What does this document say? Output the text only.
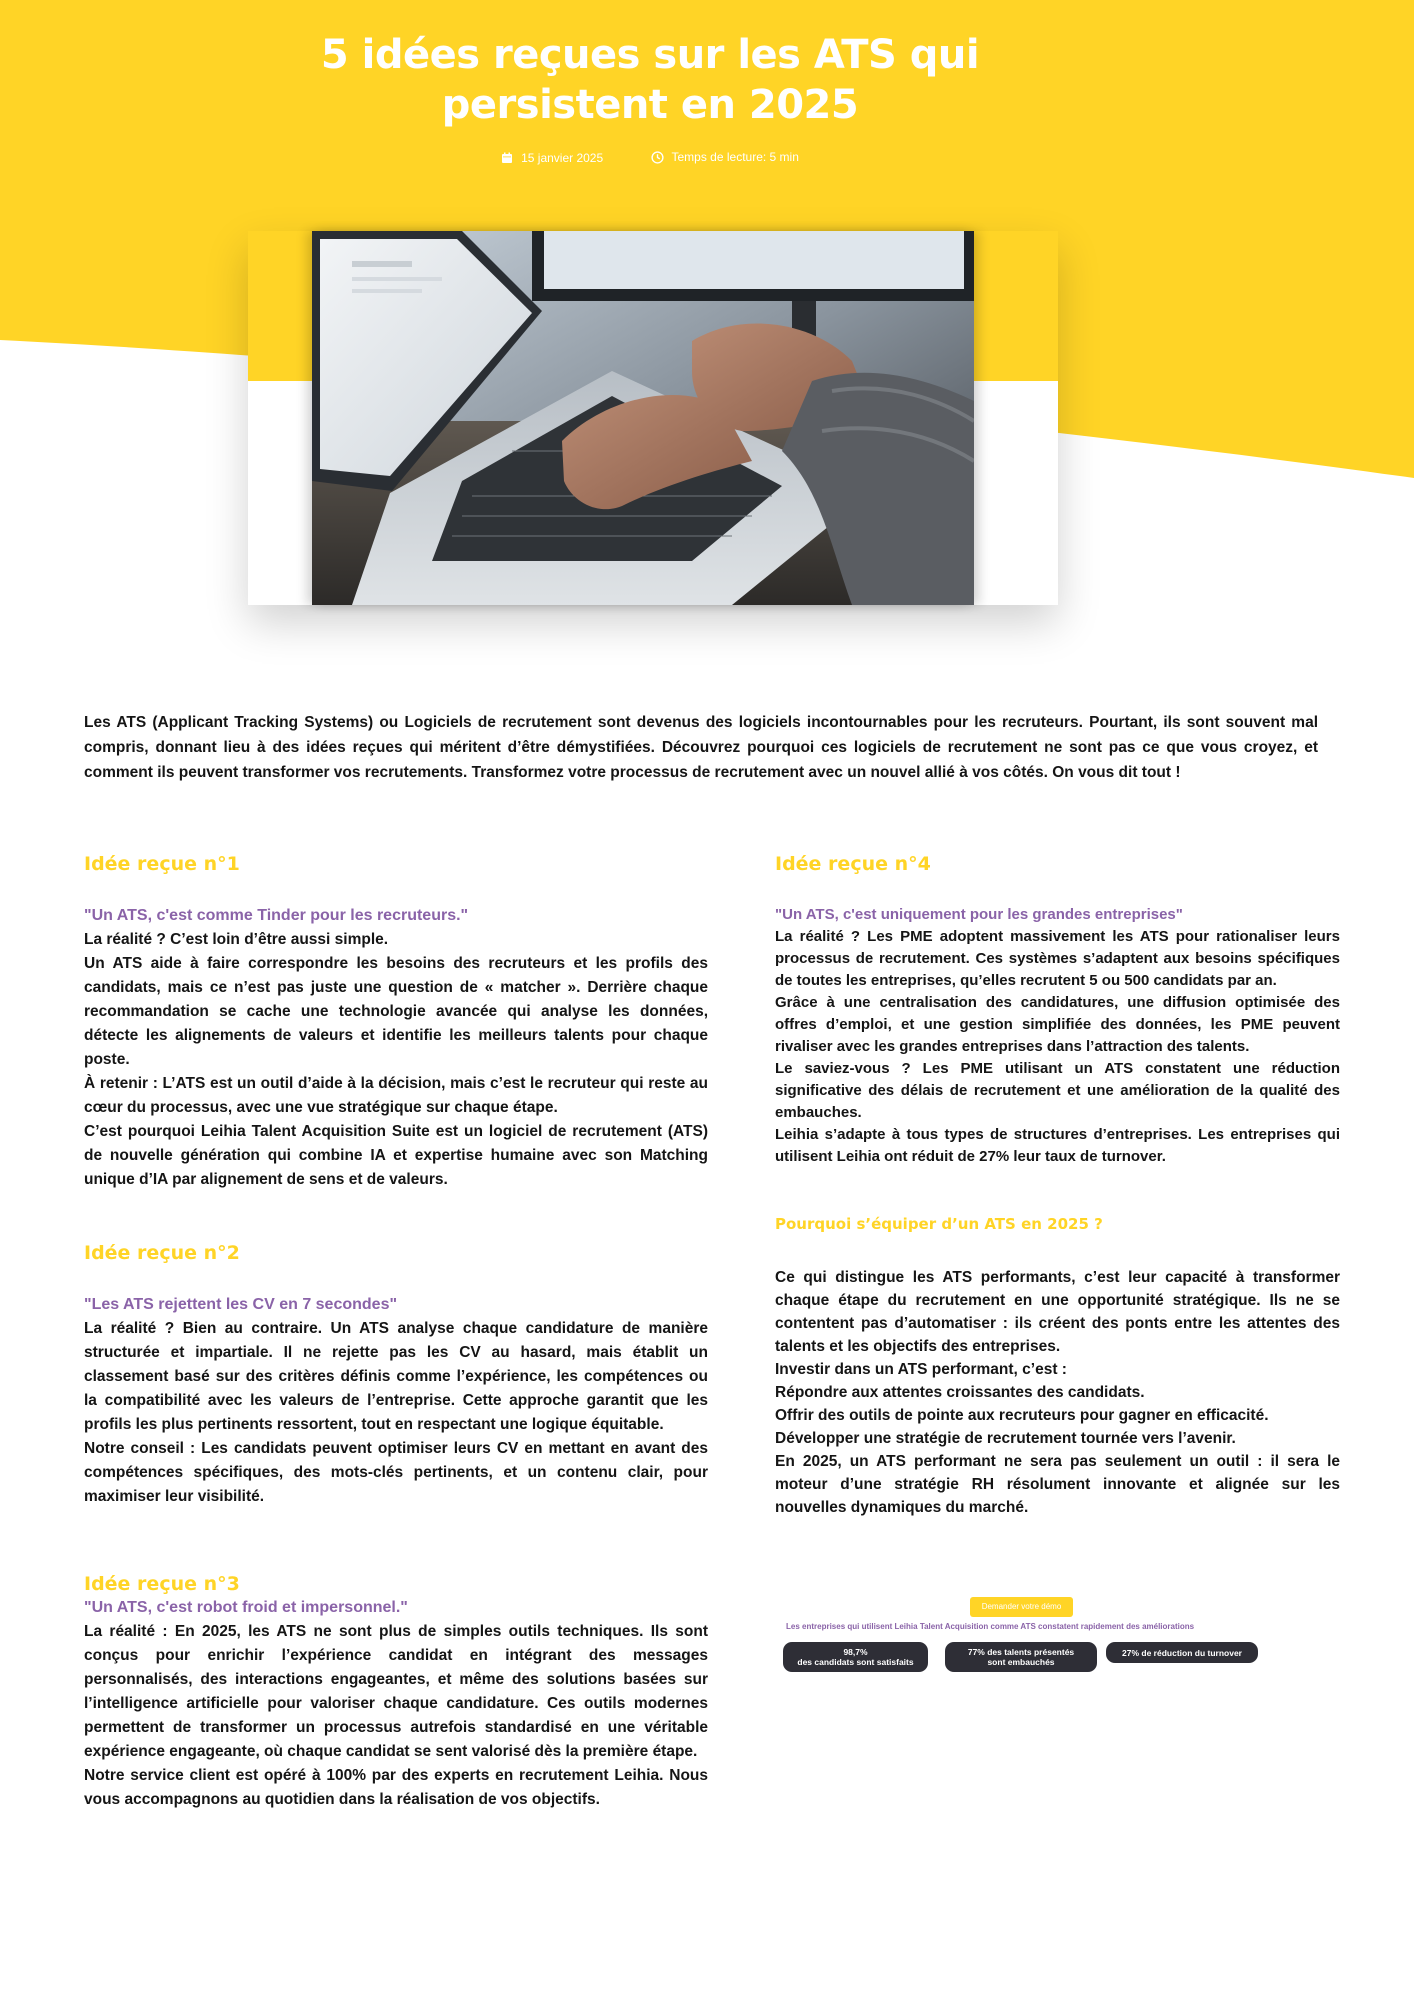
5 idées reçues sur les ATS qui persistent en 2025
15 janvier 2025
	Temps de lecture: 5 min

Les ATS (Applicant Tracking Systems) ou Logiciels de recrutement sont devenus des logiciels incontournables pour les recruteurs. Pourtant, ils sont souvent mal compris, donnant lieu à des idées reçues qui méritent d’être démystifiées. Découvrez pourquoi ces logiciels de recrutement ne sont pas ce que vous croyez, et comment ils peuvent transformer vos recrutements. Transformez votre processus de recrutement avec un nouvel allié à vos côtés. On vous dit tout !

Idée reçue n°1

"Un ATS, c'est comme Tinder pour les recruteurs."

La réalité ? C’est loin d’être aussi simple.

Un ATS aide à faire correspondre les besoins des recruteurs et les profils des candidats, mais ce n’est pas juste une question de « matcher ». Derrière chaque recommandation se cache une technologie avancée qui analyse les données, détecte les alignements de valeurs et identifie les meilleurs talents pour chaque poste.

À retenir : L’ATS est un outil d’aide à la décision, mais c’est le recruteur qui reste au cœur du processus, avec une vue stratégique sur chaque étape.

C’est pourquoi Leihia Talent Acquisition Suite est un logiciel de recrutement (ATS) de nouvelle génération qui combine IA et expertise humaine avec son Matching unique d’IA par alignement de sens et de valeurs.

Idée reçue n°2

"Les ATS rejettent les CV en 7 secondes"

La réalité ? Bien au contraire. Un ATS analyse chaque candidature de manière structurée et impartiale. Il ne rejette pas les CV au hasard, mais établit un classement basé sur des critères définis comme l’expérience, les compétences ou la compatibilité avec les valeurs de l’entreprise. Cette approche garantit que les profils les plus pertinents ressortent, tout en respectant une logique équitable.

Notre conseil : Les candidats peuvent optimiser leurs CV en mettant en avant des compétences spécifiques, des mots-clés pertinents, et un contenu clair, pour maximiser leur visibilité.

Idée reçue n°3

"Un ATS, c'est robot froid et impersonnel."

La réalité : En 2025, les ATS ne sont plus de simples outils techniques. Ils sont conçus pour enrichir l’expérience candidat en intégrant des messages personnalisés, des interactions engageantes, et même des solutions basées sur l’intelligence artificielle pour valoriser chaque candidature. Ces outils modernes permettent de transformer un processus autrefois standardisé en une véritable expérience engageante, où chaque candidat se sent valorisé dès la première étape.

Notre service client est opéré à 100% par des experts en recrutement Leihia. Nous vous accompagnons au quotidien dans la réalisation de vos objectifs.

Idée reçue n°4

"Un ATS, c'est uniquement pour les grandes entreprises"

La réalité ? Les PME adoptent massivement les ATS pour rationaliser leurs processus de recrutement. Ces systèmes s’adaptent aux besoins spécifiques de toutes les entreprises, qu’elles recrutent 5 ou 500 candidats par an.

Grâce à une centralisation des candidatures, une diffusion optimisée des offres d’emploi, et une gestion simplifiée des données, les PME peuvent rivaliser avec les grandes entreprises dans l’attraction des talents.

Le saviez-vous ? Les PME utilisant un ATS constatent une réduction significative des délais de recrutement et une amélioration de la qualité des embauches.

Leihia s’adapte à tous types de structures d’entreprises. Les entreprises qui utilisent Leihia ont réduit de 27% leur taux de turnover.

Pourquoi s’équiper d’un ATS en 2025 ?

Ce qui distingue les ATS performants, c’est leur capacité à transformer chaque étape du recrutement en une opportunité stratégique. Ils ne se contentent pas d’automatiser : ils créent des ponts entre les attentes des talents et les objectifs des entreprises.

Investir dans un ATS performant, c’est :

Répondre aux attentes croissantes des candidats.

Offrir des outils de pointe aux recruteurs pour gagner en efficacité.

Développer une stratégie de recrutement tournée vers l’avenir.

En 2025, un ATS performant ne sera pas seulement un outil : il sera le moteur d’une stratégie RH résolument innovante et alignée sur les nouvelles dynamiques du marché.

Demander votre démo
Les entreprises qui utilisent Leihia Talent Acquisition comme ATS constatent rapidement des améliorations
98,7%
des candidats sont satisfaits
77% des talents présentés
sont embauchés
27% de réduction du turnover
